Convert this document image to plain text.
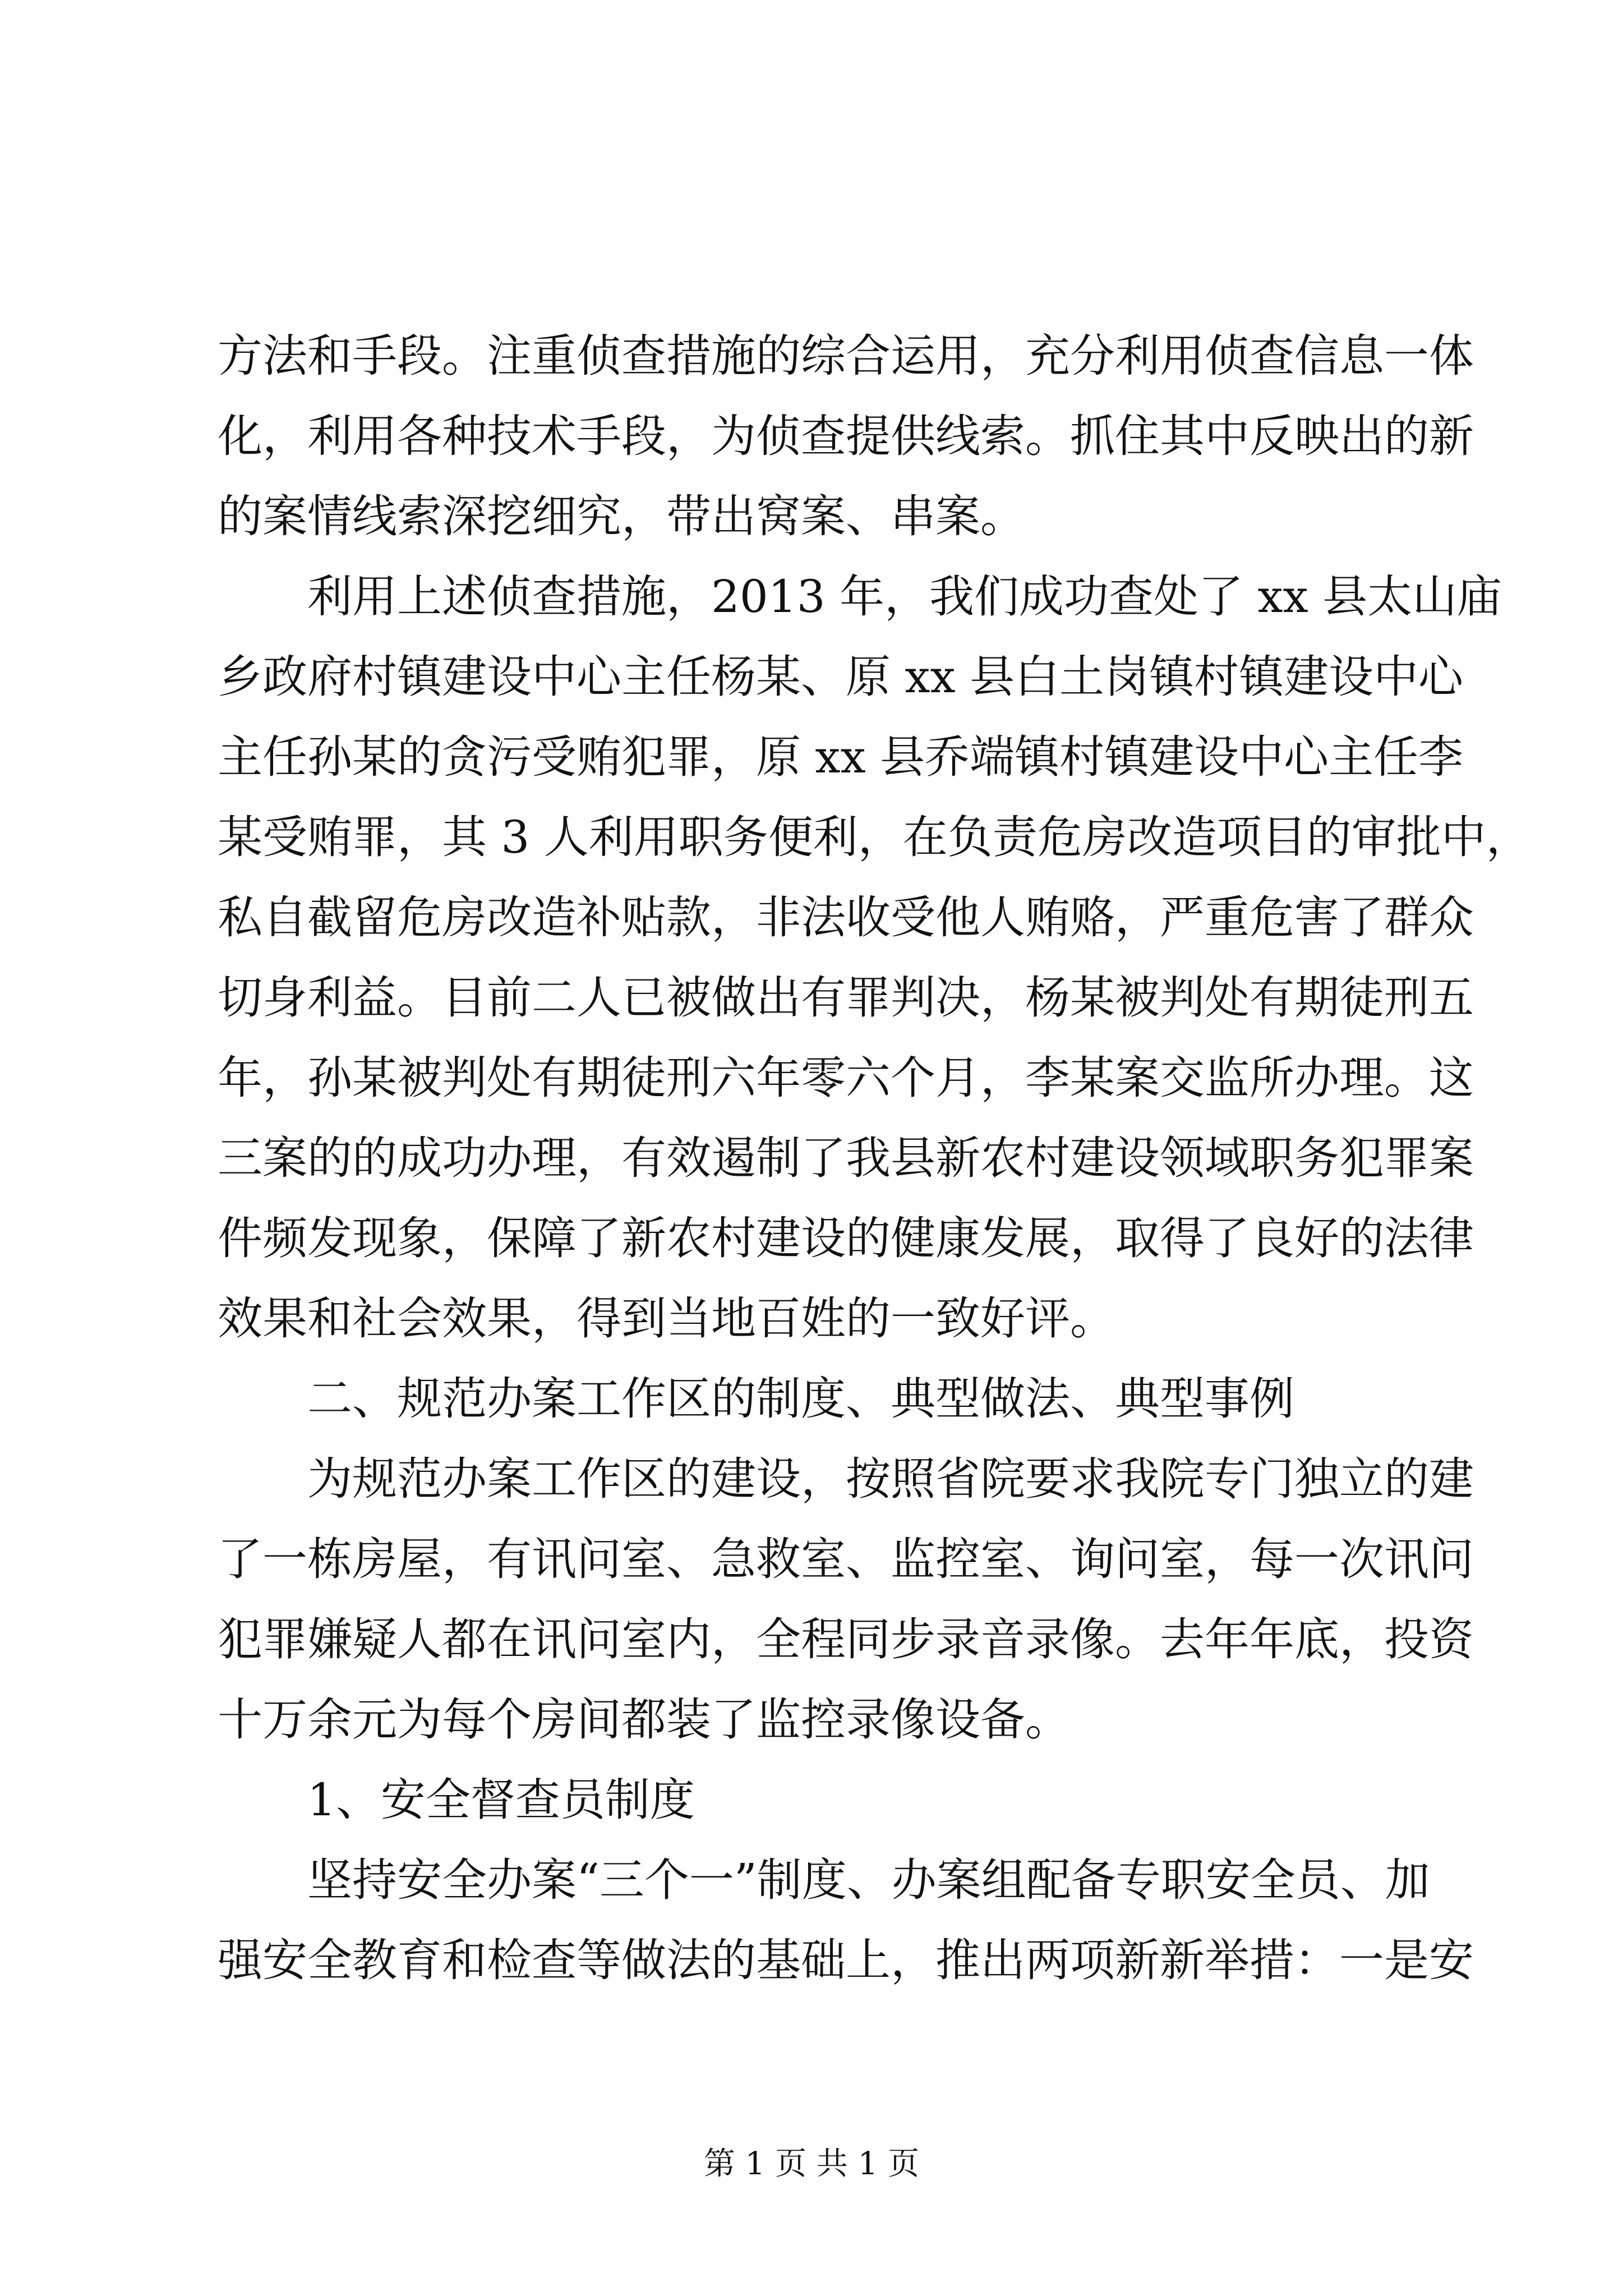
方法和手段。注重侦查措施的综合运用，充分利用侦查信息一体
化，利用各种技术手段，为侦查提供线索。抓住其中反映出的新
的案情线索深挖细究，带出窝案、串案。
利用上述侦查措施，2013 年，我们成功查处了 xx 县太山庙
乡政府村镇建设中心主任杨某、原 xx 县白土岗镇村镇建设中心
主任孙某的贪污受贿犯罪，原 xx 县乔端镇村镇建设中心主任李
某受贿罪，其 3 人利用职务便利，在负责危房改造项目的审批中，
私自截留危房改造补贴款，非法收受他人贿赂，严重危害了群众
切身利益。目前二人已被做出有罪判决，杨某被判处有期徒刑五
年，孙某被判处有期徒刑六年零六个月，李某案交监所办理。这
三案的的成功办理，有效遏制了我县新农村建设领域职务犯罪案
件频发现象，保障了新农村建设的健康发展，取得了良好的法律
效果和社会效果，得到当地百姓的一致好评。
二、规范办案工作区的制度、典型做法、典型事例
为规范办案工作区的建设，按照省院要求我院专门独立的建
了一栋房屋，有讯问室、急救室、监控室、询问室，每一次讯问
犯罪嫌疑人都在讯问室内，全程同步录音录像。去年年底，投资
十万余元为每个房间都装了监控录像设备。
1、安全督查员制度
坚持安全办案“三个一”制度、办案组配备专职安全员、加
强安全教育和检查等做法的基础上，推出两项新新举措：一是安
第 1 页 共 1 页
